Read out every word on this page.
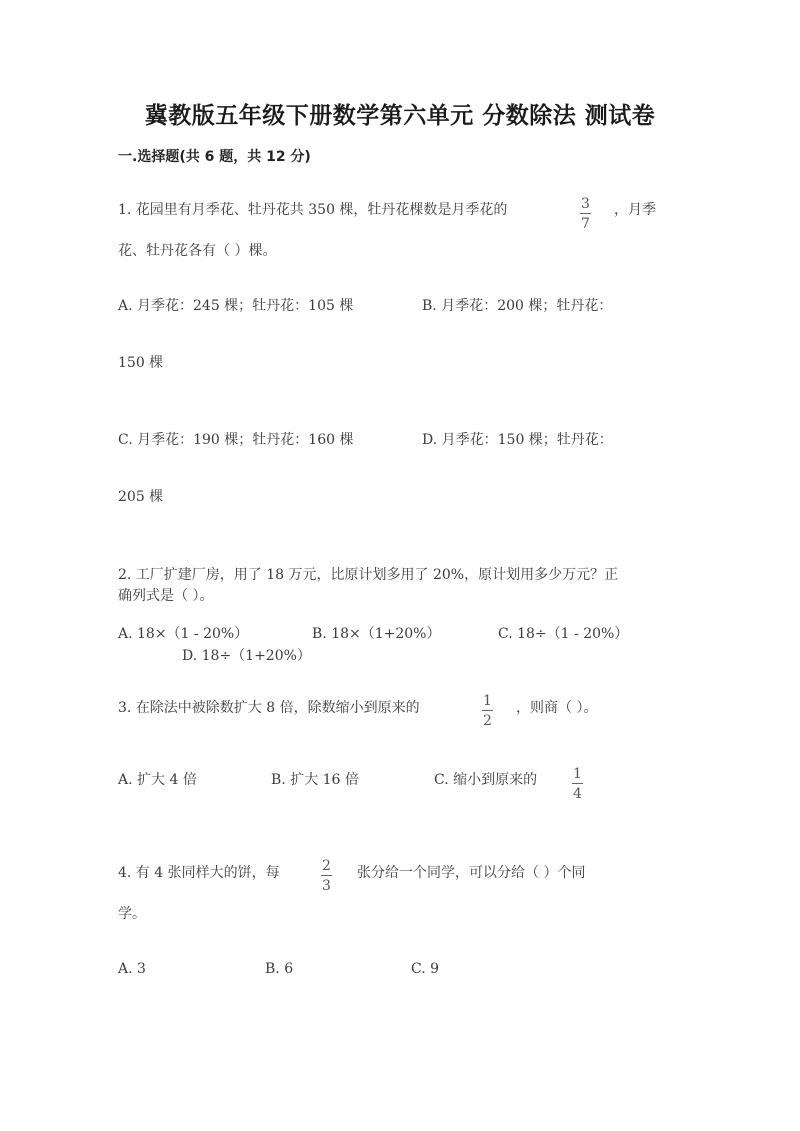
冀教版五年级下册数学第六单元 分数除法 测试卷
一.选择题(共 6 题，共 12 分)
1. 花园里有月季花、牡丹花共 350 棵，牡丹花棵数是月季花的	3
7
，月季
花、牡丹花各有（ ）棵。
A. 月季花：245 棵；牡丹花：105 棵	B. 月季花：200 棵；牡丹花：
150 棵
C. 月季花：190 棵；牡丹花：160 棵	D. 月季花：150 棵；牡丹花：
205 棵
2. 工厂扩建厂房，用了 18 万元，比原计划多用了 20%，原计划用多少万元？正
确列式是（ ）。
A. 18×（1 - 20%）	B. 18×（1+20%）	C. 18÷（1 - 20%）
D. 18÷（1+20%）
3. 在除法中被除数扩大 8 倍，除数缩小到原来的	1
2
，则商（ ）。
A. 扩大 4 倍	B. 扩大 16 倍	C. 缩小到原来的	1
4
4. 有 4 张同样大的饼，每	2
3
张分给一个同学，可以分给（ ）个同
学。
A. 3	B. 6	C. 9
